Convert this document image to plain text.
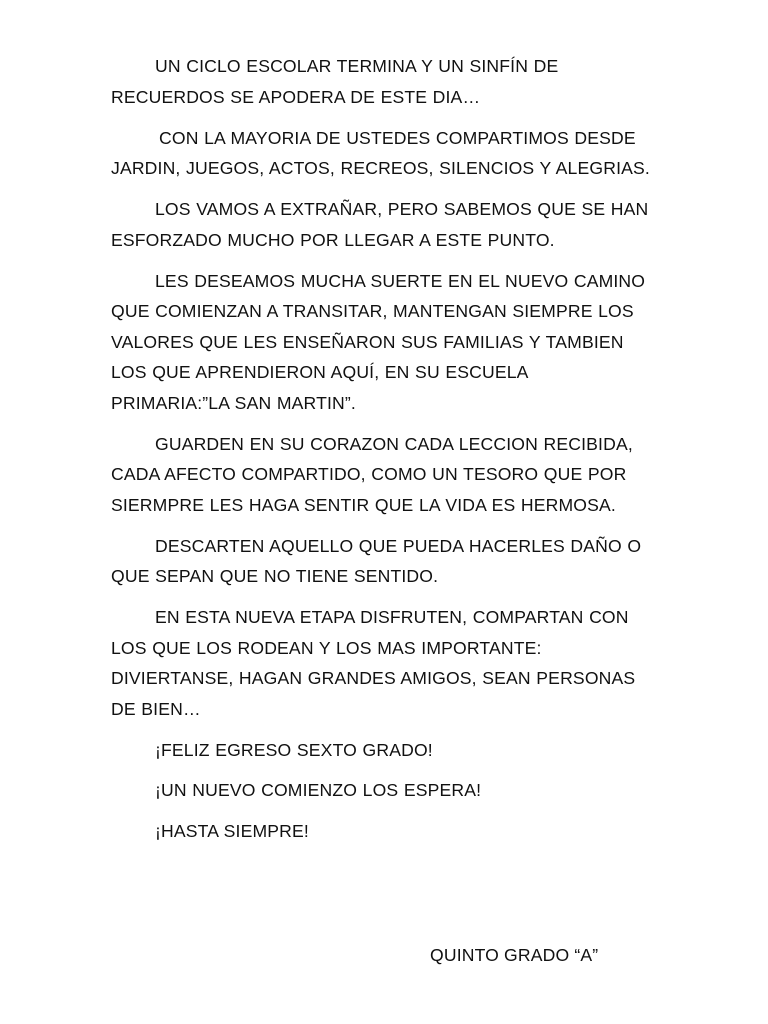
UN CICLO ESCOLAR TERMINA Y UN SINFÍN DE RECUERDOS SE APODERA DE ESTE DIA…

CON LA MAYORIA DE USTEDES COMPARTIMOS DESDE JARDIN, JUEGOS, ACTOS, RECREOS, SILENCIOS Y ALEGRIAS.

LOS VAMOS A EXTRAÑAR, PERO SABEMOS QUE SE HAN ESFORZADO MUCHO POR LLEGAR A ESTE PUNTO.

LES DESEAMOS MUCHA SUERTE EN EL NUEVO CAMINO QUE COMIENZAN A TRANSITAR, MANTENGAN SIEMPRE LOS VALORES QUE LES ENSEÑARON SUS FAMILIAS Y TAMBIEN LOS QUE APRENDIERON AQUÍ, EN SU ESCUELA PRIMARIA:”LA SAN MARTIN”.

GUARDEN EN SU CORAZON CADA LECCION RECIBIDA, CADA AFECTO COMPARTIDO, COMO UN TESORO QUE POR SIERMPRE LES HAGA SENTIR QUE LA VIDA ES HERMOSA.

DESCARTEN AQUELLO QUE PUEDA HACERLES DAÑO O QUE SEPAN QUE NO TIENE SENTIDO.

EN ESTA NUEVA ETAPA DISFRUTEN, COMPARTAN CON LOS QUE LOS RODEAN Y LOS MAS IMPORTANTE: DIVIERTANSE, HAGAN GRANDES AMIGOS, SEAN PERSONAS DE BIEN…

¡FELIZ EGRESO SEXTO GRADO!

¡UN NUEVO COMIENZO LOS ESPERA!

¡HASTA SIEMPRE!

QUINTO GRADO “A”
